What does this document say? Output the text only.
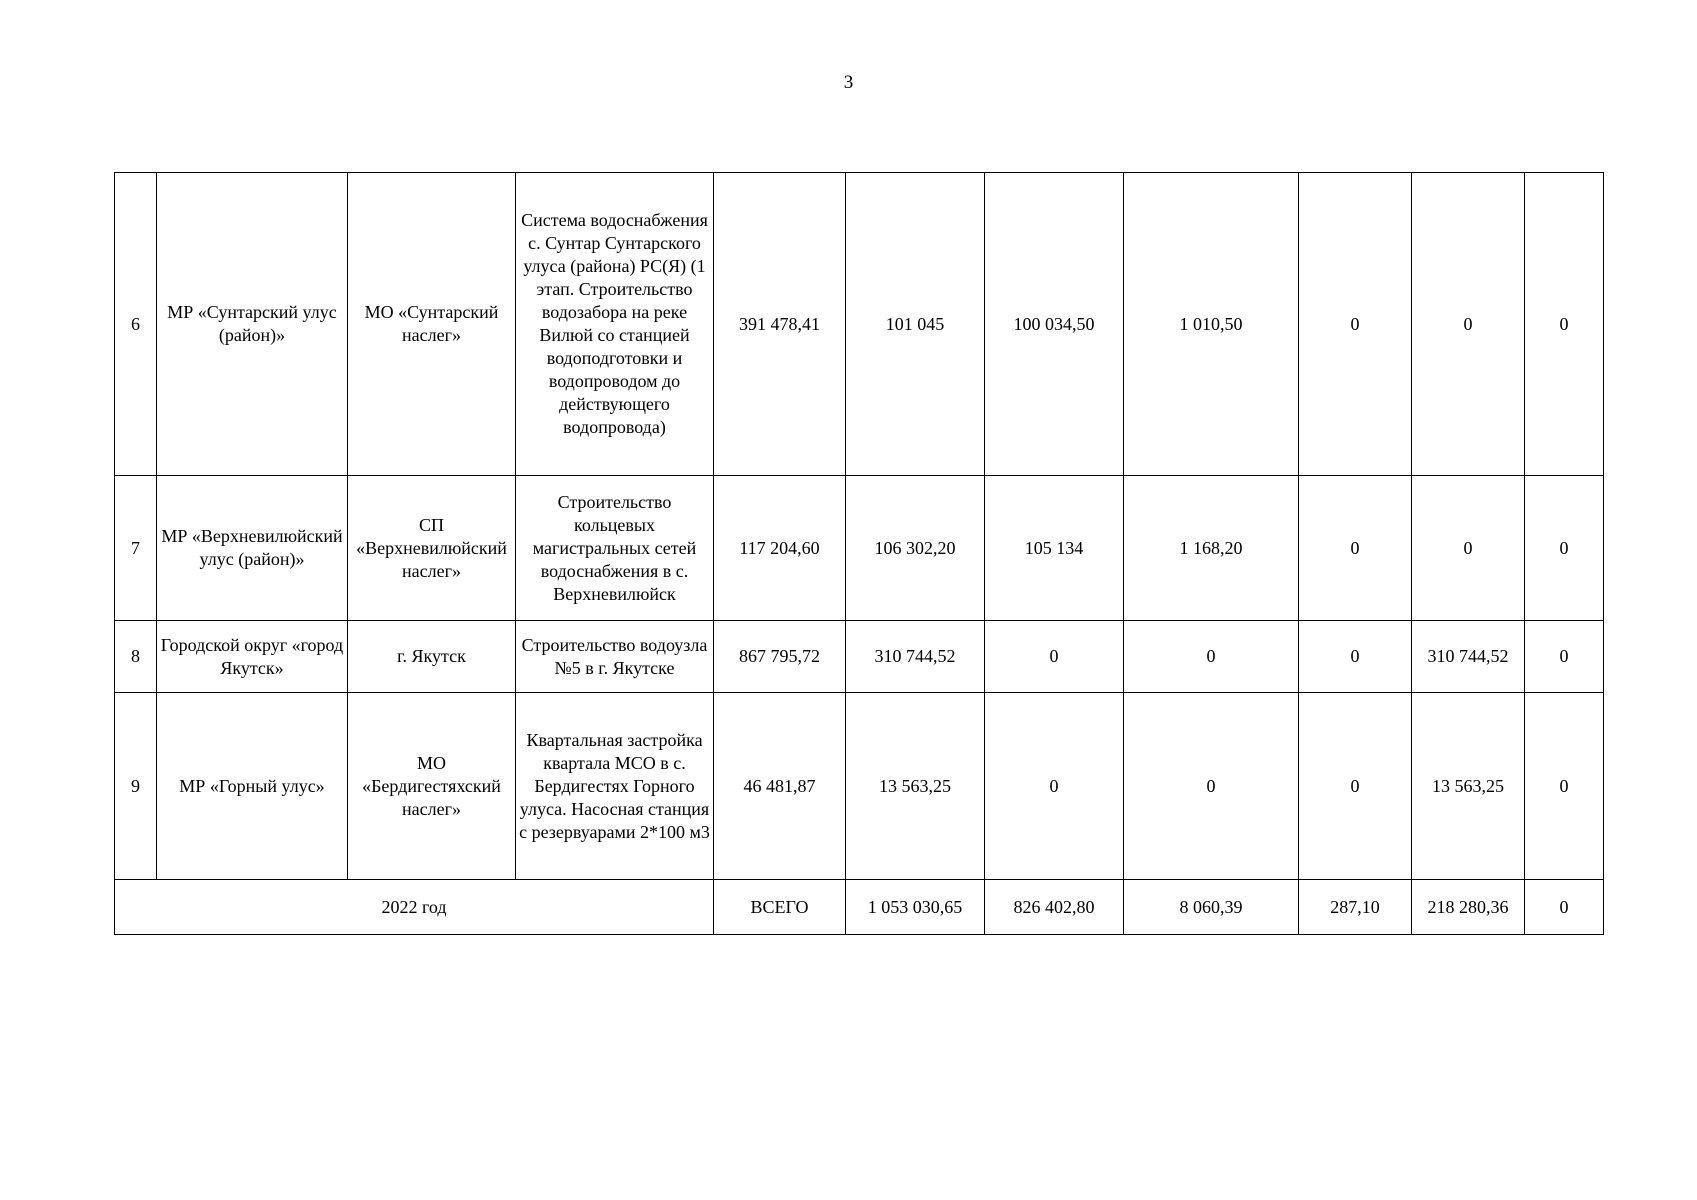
3
6	МР «Сунтарский улус (район)»	МО «Сунтарский наслег»	Система водоснабжения с. Сунтар Сунтарского улуса (района) РС(Я) (1 этап. Строительство водозабора на реке Вилюй со станцией водоподготовки и водопроводом до действующего водопровода)	391 478,41	101 045	100 034,50	1 010,50	0	0	0
7	МР «Верхневилюйский улус (район)»	СП «Верхневилюйский наслег»	Строительство кольцевых магистральных сетей водоснабжения в с. Верхневилюйск	117 204,60	106 302,20	105 134	1 168,20	0	0	0
8	Городской округ «город Якутск»	г. Якутск	Строительство водоузла №5 в г. Якутске	867 795,72	310 744,52	0	0	0	310 744,52	0
9	МР «Горный улус»	МО «Бердигестяхский наслег»	Квартальная застройка квартала МСО в с. Бердигестях Горного улуса. Насосная станция с резервуарами 2*100 м3	46 481,87	13 563,25	0	0	0	13 563,25	0
2022 год				ВСЕГО	1 053 030,65	826 402,80	8 060,39	287,10	218 280,36	0
